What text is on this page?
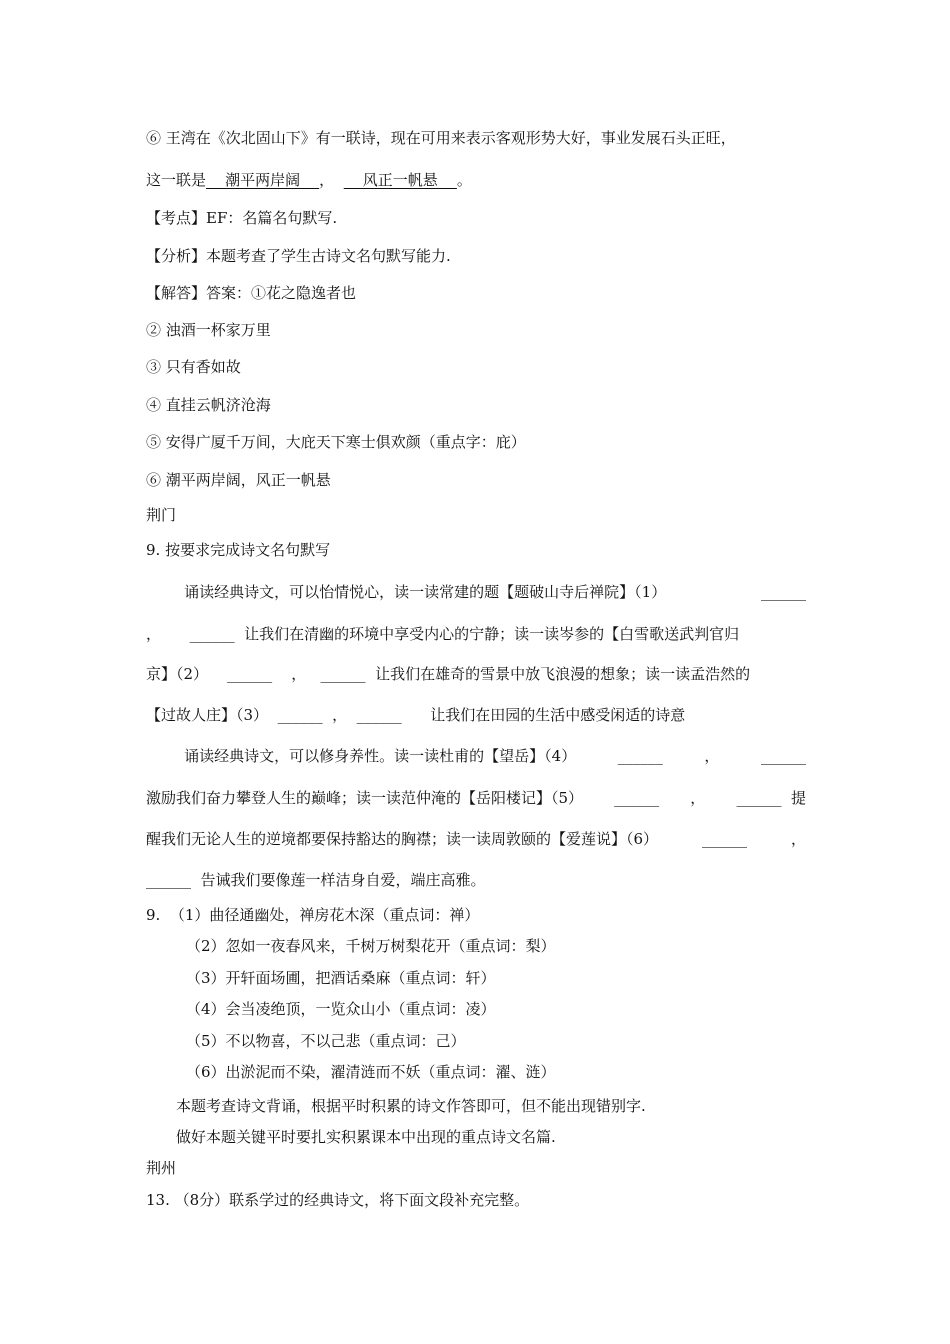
⑥ 王湾在《次北固山下》有一联诗，现在可用来表示客观形势大好，事业发展石头正旺，
这一联是    潮平两岸阔    ，      风正一帆悬    。
【考点】EF：名篇名句默写.
【分析】本题考查了学生古诗文名句默写能力.
【解答】答案：①花之隐逸者也
② 浊酒一杯家万里
③ 只有香如故
④ 直挂云帆济沧海
⑤ 安得广厦千万间，大庇天下寒士俱欢颜（重点字：庇）
⑥ 潮平两岸阔，风正一帆悬
荆门
9. 按要求完成诗文名句默写
诵读经典诗文，可以怡情悦心，读一读常建的题【题破山寺后禅院】（1）	______
， ______  让我们在清幽的环境中享受内心的宁静；读一读岑参的【白雪歌送武判官归
京】（2） ______ ， ______  让我们在雄奇的雪景中放飞浪漫的想象；读一读孟浩然的
【过故人庄】（3）  ______  ，  ______      让我们在田园的生活中感受闲适的诗意
诵读经典诗文，可以修身养性。读一读杜甫的【望岳】（4）	______	，	______
激励我们奋力攀登人生的巅峰；读一读范仲淹的【岳阳楼记】（5） ______ ， ______  提
醒我们无论人生的逆境都要保持豁达的胸襟；读一读周敦颐的【爱莲说】（6）	______	，
______  告诫我们要像莲一样洁身自爱，端庄高雅。
9.  （1）曲径通幽处，禅房花木深（重点词：禅）
（2）忽如一夜春风来，千树万树梨花开（重点词：梨）
（3）开轩面场圃，把酒话桑麻（重点词：轩）
（4）会当凌绝顶，一览众山小（重点词：凌）
（5）不以物喜，不以己悲（重点词：己）
（6）出淤泥而不染，濯清涟而不妖（重点词：濯、涟）
本题考查诗文背诵，根据平时积累的诗文作答即可，但不能出现错别字.
做好本题关键平时要扎实积累课本中出现的重点诗文名篇.
荆州
13. （8分）联系学过的经典诗文，将下面文段补充完整。
